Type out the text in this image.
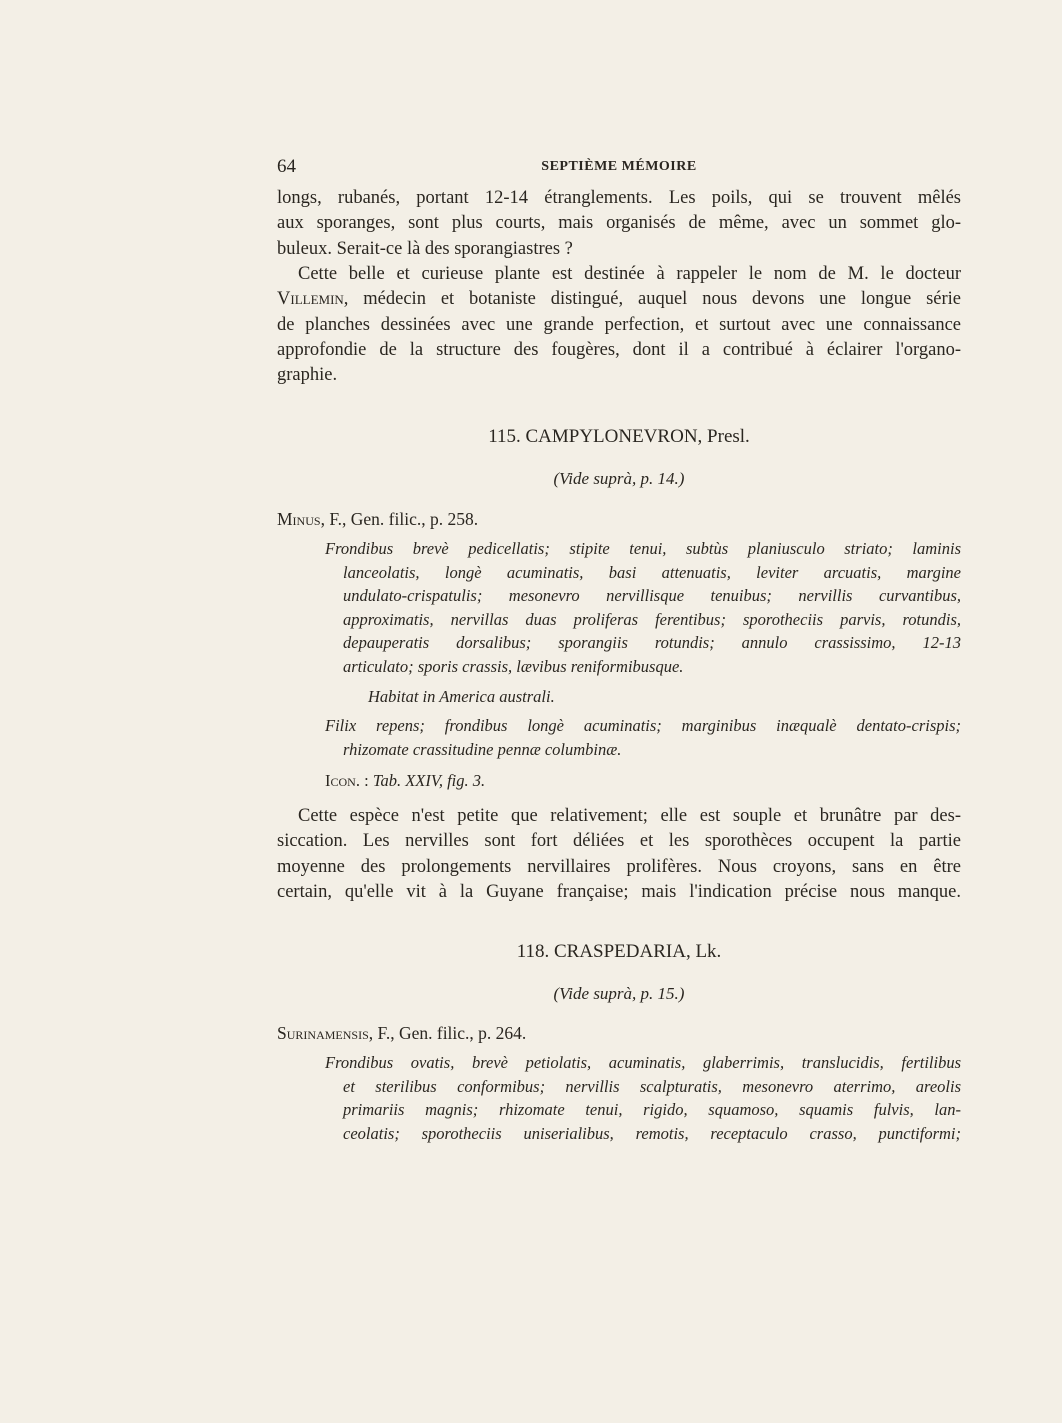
64	SEPTIÈME MÉMOIRE
longs, rubanés, portant 12-14 étranglements. Les poils, qui se trouvent mêlés
aux sporanges, sont plus courts, mais organisés de même, avec un sommet glo-
buleux. Serait-ce là des sporangiastres ?
Cette belle et curieuse plante est destinée à rappeler le nom de M. le docteur
Villemin, médecin et botaniste distingué, auquel nous devons une longue série
de planches dessinées avec une grande perfection, et surtout avec une connaissance
approfondie de la structure des fougères, dont il a contribué à éclairer l'organo-
graphie.
115. CAMPYLONEVRON, Presl.
(Vide suprà, p. 14.)
Minus, F., Gen. filic., p. 258.
Frondibus brevè pedicellatis; stipite tenui, subtùs planiusculo striato; laminis
lanceolatis, longè acuminatis, basi attenuatis, leviter arcuatis, margine
undulato-crispatulis; mesonevro nervillisque tenuibus; nervillis curvantibus,
approximatis, nervillas duas proliferas ferentibus; sporotheciis parvis, rotundis,
depauperatis dorsalibus; sporangiis rotundis; annulo crassissimo, 12-13
articulato; sporis crassis, lævibus reniformibusque.
Habitat in America australi.
Filix repens; frondibus longè acuminatis; marginibus inæqualè dentato-crispis;
rhizomate crassitudine pennæ columbinæ.
Icon. : Tab. XXIV, fig. 3.
Cette espèce n'est petite que relativement; elle est souple et brunâtre par des-
siccation. Les nervilles sont fort déliées et les sporothèces occupent la partie
moyenne des prolongements nervillaires prolifères. Nous croyons, sans en être
certain, qu'elle vit à la Guyane française; mais l'indication précise nous manque.
118. CRASPEDARIA, Lk.
(Vide suprà, p. 15.)
Surinamensis, F., Gen. filic., p. 264.
Frondibus ovatis, brevè petiolatis, acuminatis, glaberrimis, translucidis, fertilibus
et sterilibus conformibus; nervillis scalpturatis, mesonevro aterrimo, areolis
primariis magnis; rhizomate tenui, rigido, squamoso, squamis fulvis, lan-
ceolatis; sporotheciis uniserialibus, remotis, receptaculo crasso, punctiformi;
